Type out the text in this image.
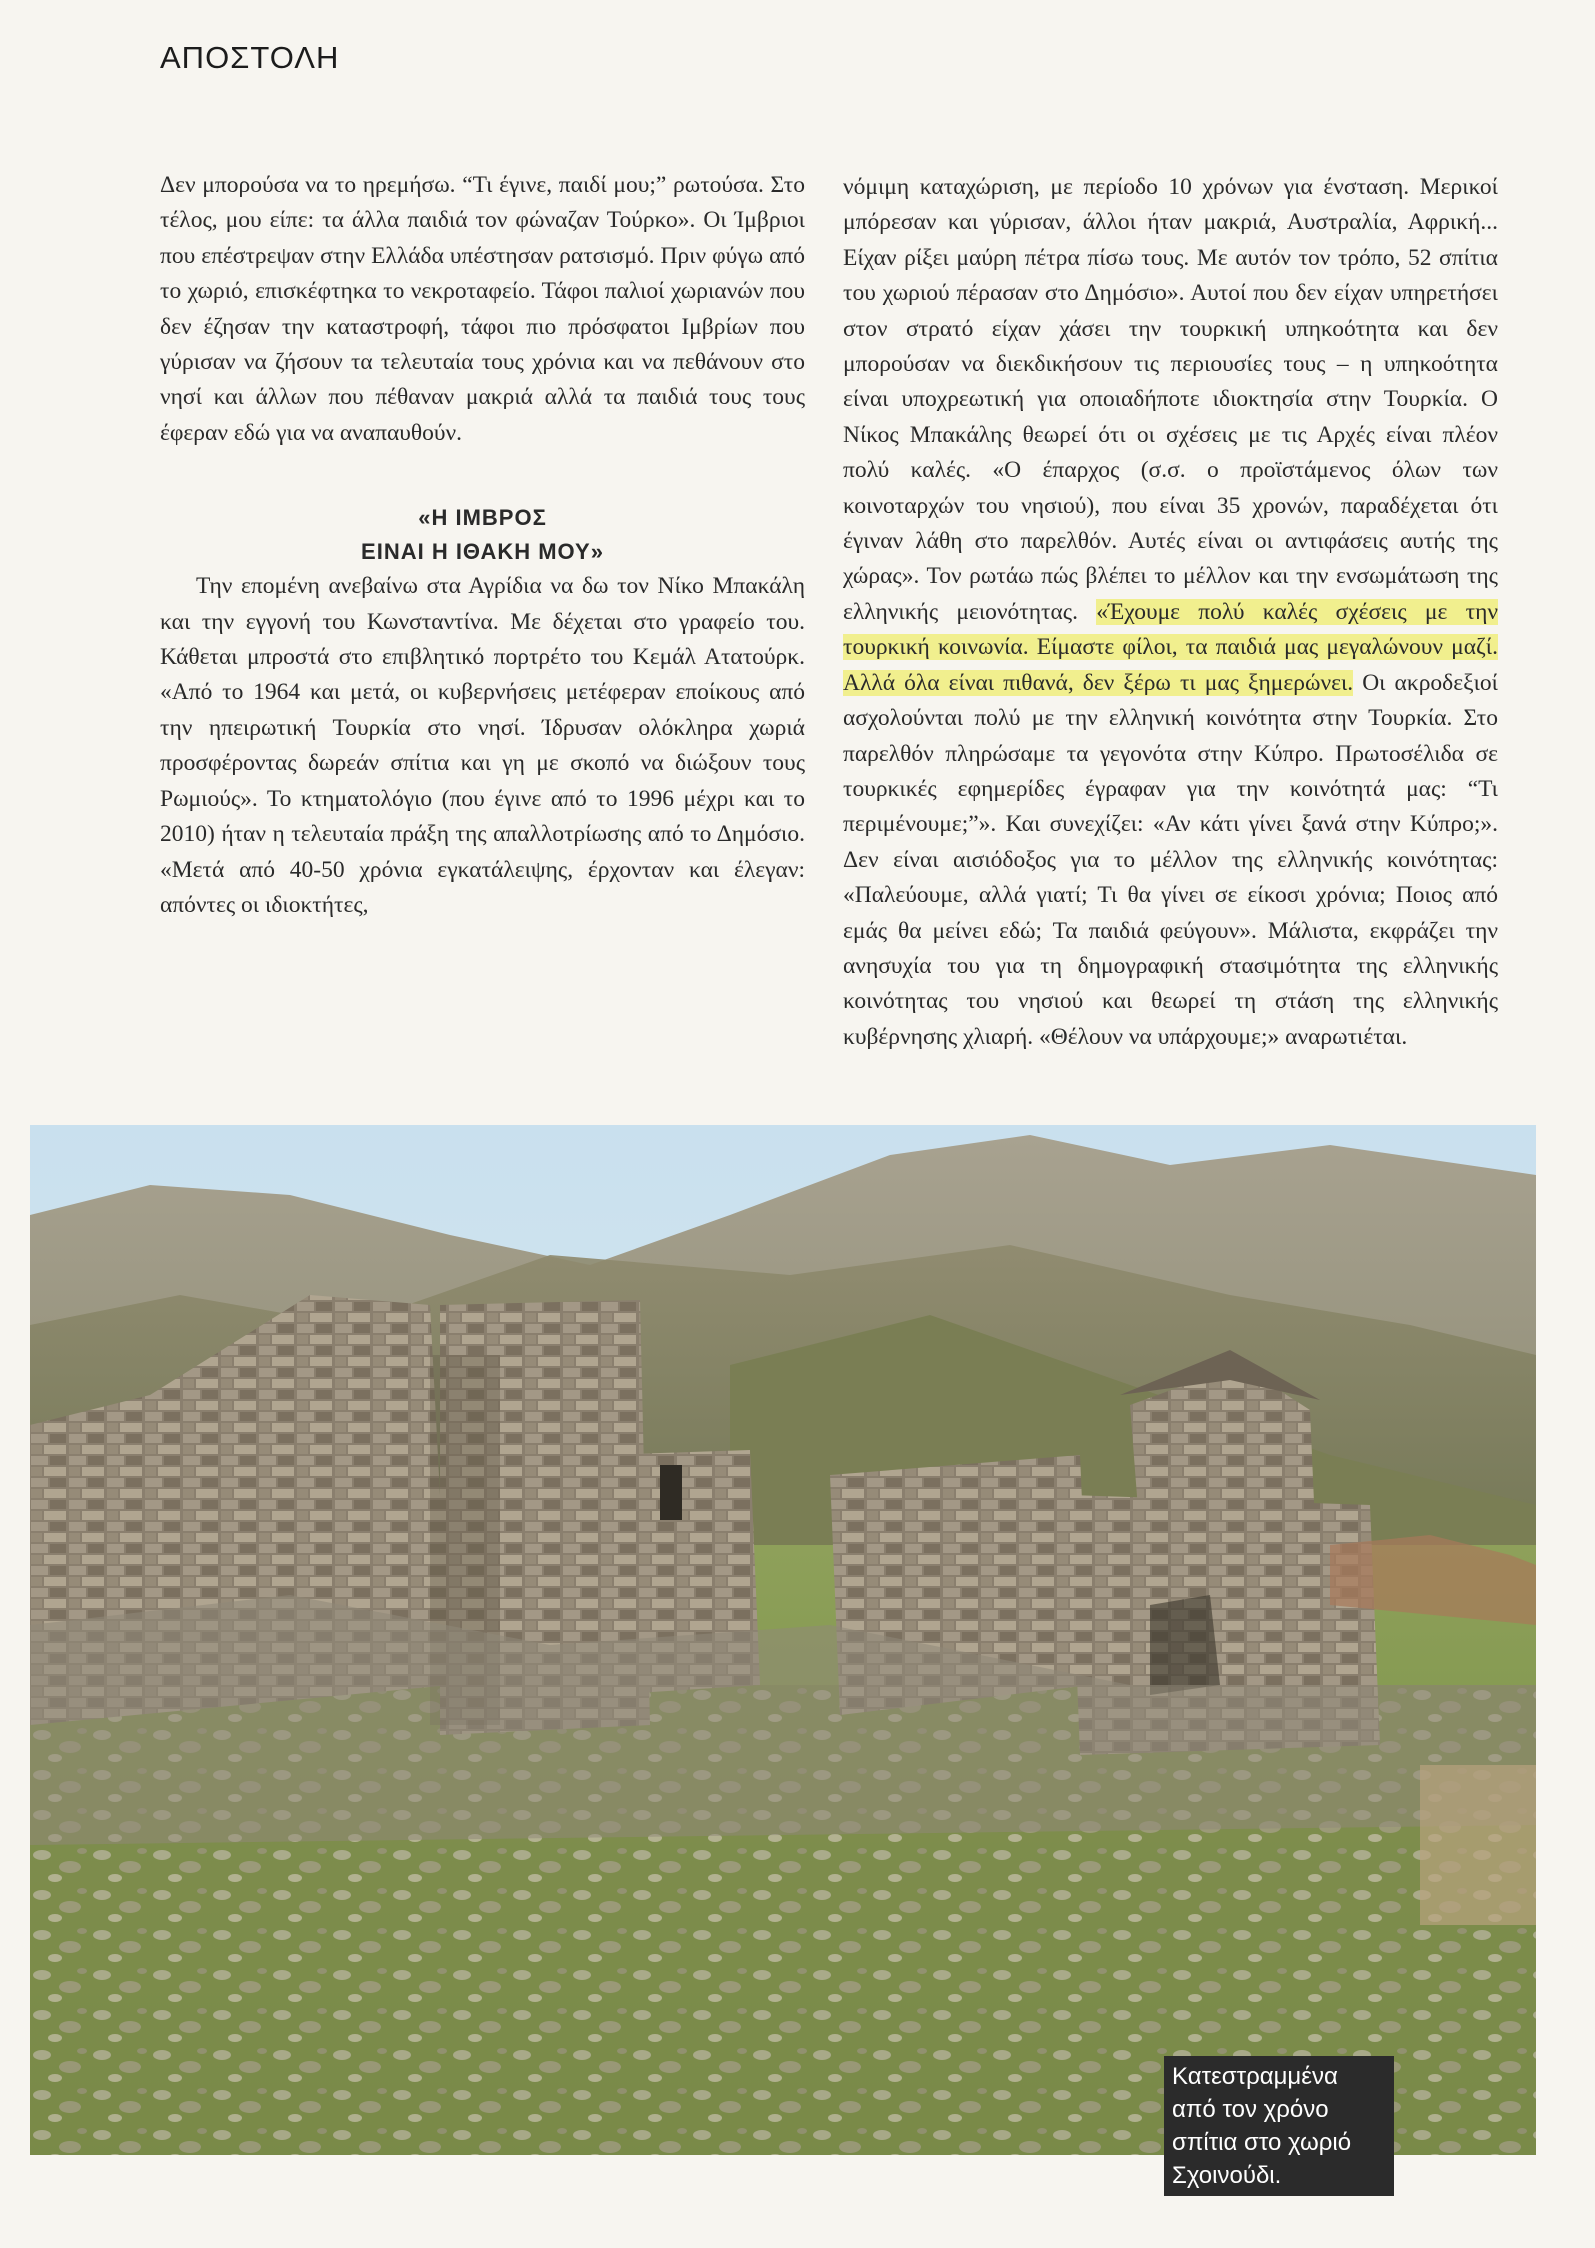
ΑΠΟΣΤΟΛΗ

Δεν μπορούσα να το ηρεμήσω. “Τι έγινε, παιδί μου;” ρωτούσα. Στο τέλος, μου είπε: τα άλλα παιδιά τον φώναζαν Τούρκο». Οι Ίμβριοι που επέστρεψαν στην Ελλάδα υπέστησαν ρατσισμό. Πριν φύγω από το χωριό, επισκέφτηκα το νεκροταφείο. Τάφοι παλιοί χωριανών που δεν έζησαν την καταστροφή, τάφοι πιο πρόσφατοι Ιμβρίων που γύρισαν να ζήσουν τα τελευταία τους χρόνια και να πεθάνουν στο νησί και άλλων που πέθαναν μακριά αλλά τα παιδιά τους τους έφεραν εδώ για να αναπαυθούν.

«Η ΙΜΒΡΟΣ
ΕΙΝΑΙ Η ΙΘΑΚΗ ΜΟΥ»

Την επομένη ανεβαίνω στα Αγρίδια να δω τον Νίκο Μπακάλη και την εγγονή του Κωνσταντίνα. Με δέχεται στο γραφείο του. Κάθεται μπροστά στο επιβλητικό πορτρέτο του Κεμάλ Ατατούρκ. «Από το 1964 και μετά, οι κυβερνήσεις μετέφεραν εποίκους από την ηπειρωτική Τουρκία στο νησί. Ίδρυσαν ολόκληρα χωριά προσφέροντας δωρεάν σπίτια και γη με σκοπό να διώξουν τους Ρωμιούς». Το κτηματολόγιο (που έγινε από το 1996 μέχρι και το 2010) ήταν η τελευταία πράξη της απαλλοτρίωσης από το Δημόσιο. «Μετά από 40-50 χρόνια εγκατάλειψης, έρχονταν και έλεγαν: απόντες οι ιδιοκτήτες,

νόμιμη καταχώριση, με περίοδο 10 χρόνων για ένσταση. Μερικοί μπόρεσαν και γύρισαν, άλλοι ήταν μακριά, Αυστραλία, Αφρική... Είχαν ρίξει μαύρη πέτρα πίσω τους. Με αυτόν τον τρόπο, 52 σπίτια του χωριού πέρασαν στο Δημόσιο». Αυτοί που δεν είχαν υπηρετήσει στον στρατό είχαν χάσει την τουρκική υπηκοότητα και δεν μπορούσαν να διεκδικήσουν τις περιουσίες τους – η υπηκοότητα είναι υποχρεωτική για οποιαδήποτε ιδιοκτησία στην Τουρκία. Ο Νίκος Μπακάλης θεωρεί ότι οι σχέσεις με τις Αρχές είναι πλέον πολύ καλές. «Ο έπαρχος (σ.σ. ο προϊστάμενος όλων των κοινοταρχών του νησιού), που είναι 35 χρονών, παραδέχεται ότι έγιναν λάθη στο παρελθόν. Αυτές είναι οι αντιφάσεις αυτής της χώρας». Τον ρωτάω πώς βλέπει το μέλλον και την ενσωμάτωση της ελληνικής μειονότητας. «Έχουμε πολύ καλές σχέσεις με την τουρκική κοινωνία. Είμαστε φίλοι, τα παιδιά μας μεγαλώνουν μαζί. Αλλά όλα είναι πιθανά, δεν ξέρω τι μας ξημερώνει. Οι ακροδεξιοί ασχολούνται πολύ με την ελληνική κοινότητα στην Τουρκία. Στο παρελθόν πληρώσαμε τα γεγονότα στην Κύπρο. Πρωτοσέλιδα σε τουρκικές εφημερίδες έγραφαν για την κοινότητά μας: “Τι περιμένουμε;”». Και συνεχίζει: «Αν κάτι γίνει ξανά στην Κύπρο;». Δεν είναι αισιόδοξος για το μέλλον της ελληνικής κοινότητας: «Παλεύουμε, αλλά γιατί; Τι θα γίνει σε είκοσι χρόνια; Ποιος από εμάς θα μείνει εδώ; Τα παιδιά φεύγουν». Μάλιστα, εκφράζει την ανησυχία του για τη δημογραφική στασιμότητα της ελληνικής κοινότητας του νησιού και θεωρεί τη στάση της ελληνικής κυβέρνησης χλιαρή. «Θέλουν να υπάρχουμε;» αναρωτιέται.

Κατεστραμμένα
από τον χρόνο
σπίτια στο χωριό
Σχοινούδι.
